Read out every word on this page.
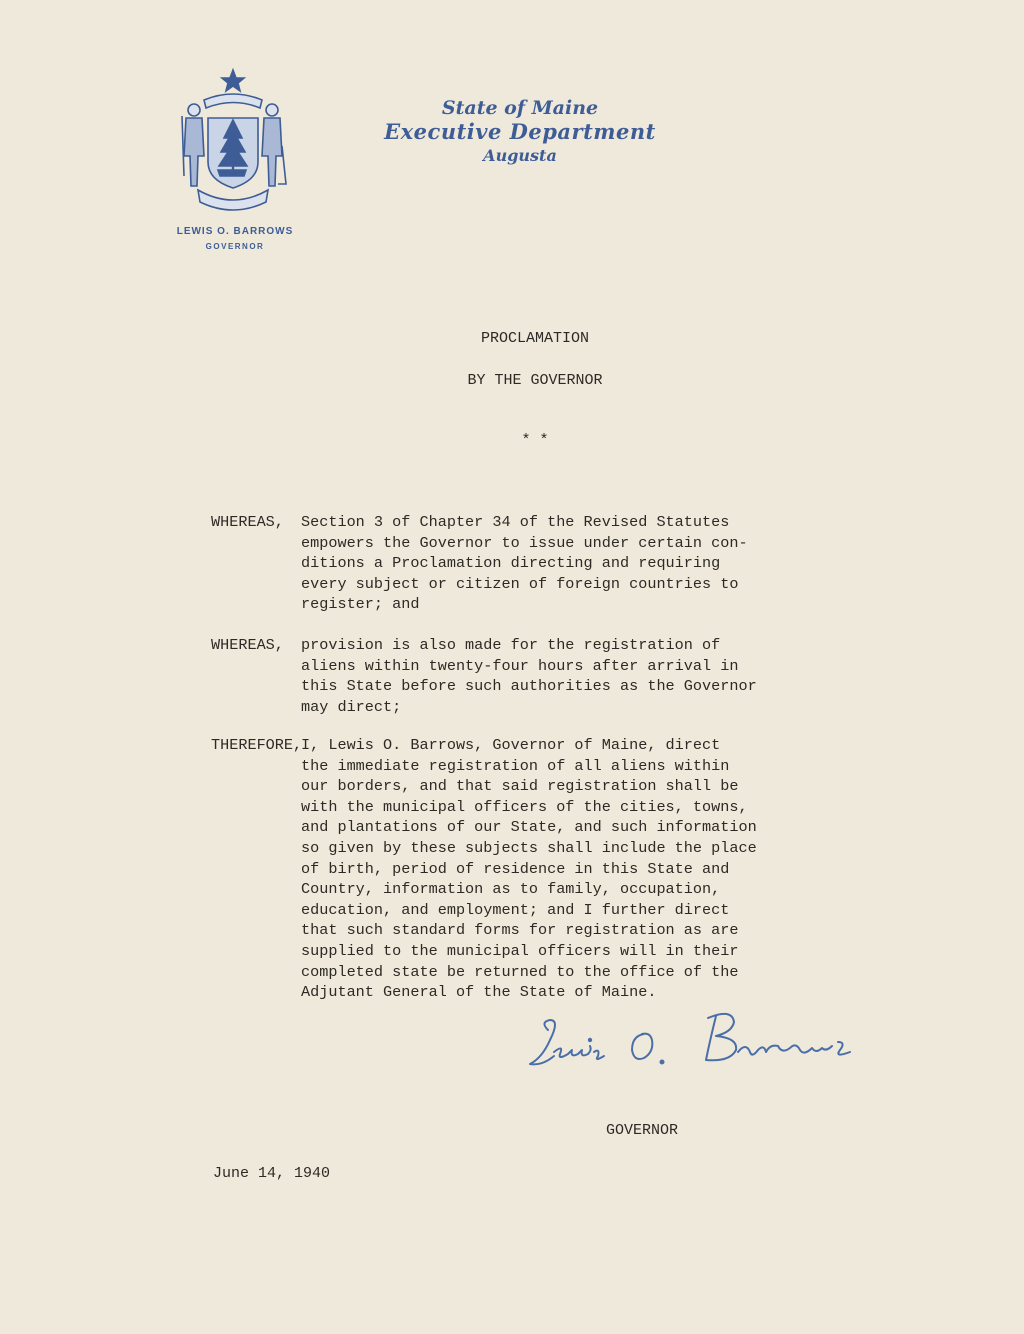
State of Maine
Executive Department
Augusta
LEWIS O. BARROWS
GOVERNOR
PROCLAMATION
BY THE GOVERNOR
* *
WHEREAS, Section 3 of Chapter 34 of the Revised Statutes
empowers the Governor to issue under certain con-
ditions a Proclamation directing and requiring
every subject or citizen of foreign countries to
register; and
WHEREAS, provision is also made for the registration of
aliens within twenty-four hours after arrival in
this State before such authorities as the Governor
may direct;
THEREFORE,
I, Lewis O. Barrows, Governor of Maine, direct
the immediate registration of all aliens within
our borders, and that said registration shall be
with the municipal officers of the cities, towns,
and plantations of our State, and such information
so given by these subjects shall include the place
of birth, period of residence in this State and
Country, information as to family, occupation,
education, and employment; and I further direct
that such standard forms for registration as are
supplied to the municipal officers will in their
completed state be returned to the office of the
Adjutant General of the State of Maine.
GOVERNOR
June 14, 1940
